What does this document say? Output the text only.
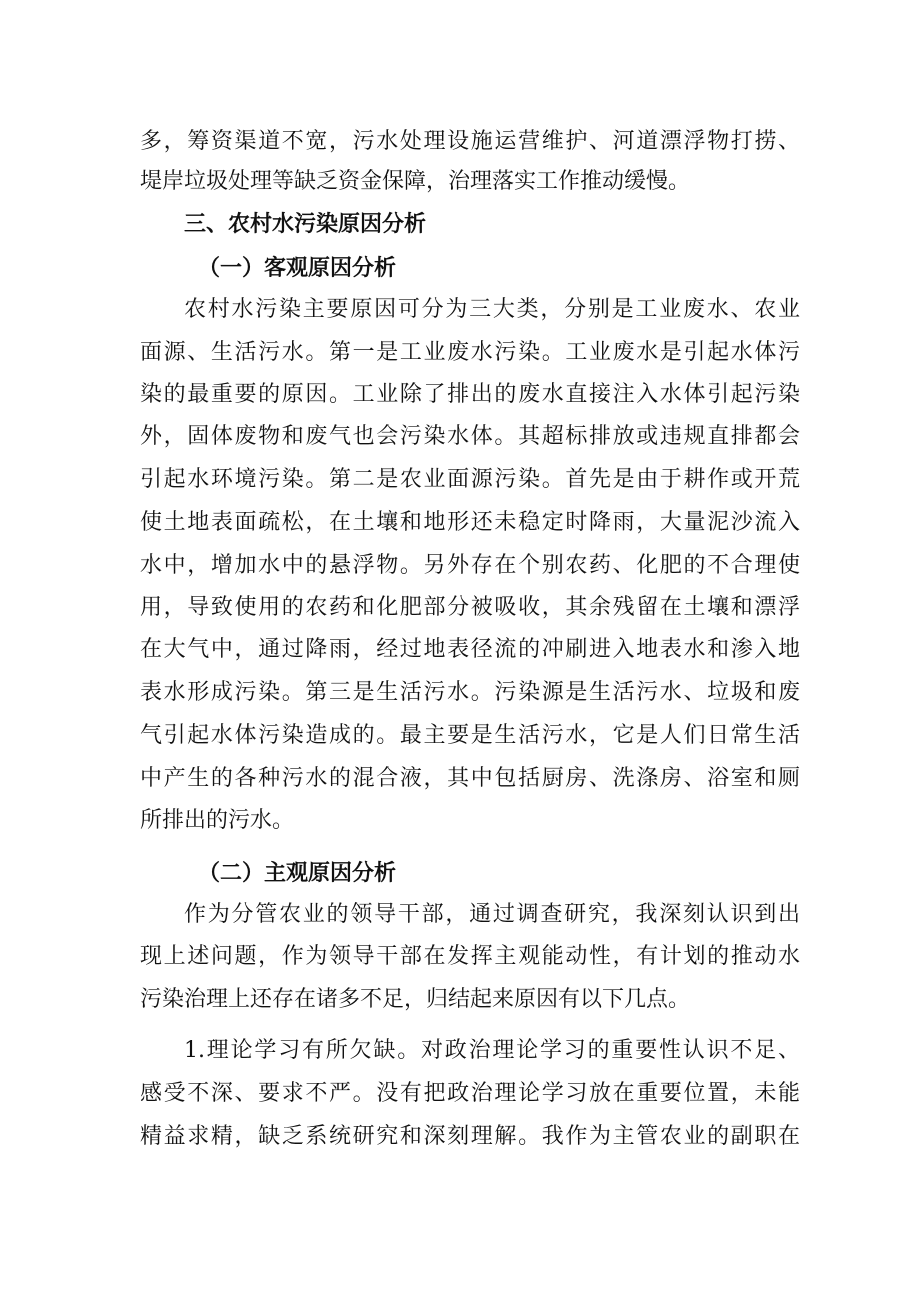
多，筹资渠道不宽，污水处理设施运营维护、河道漂浮物打捞、
堤岸垃圾处理等缺乏资金保障，治理落实工作推动缓慢。
三、农村水污染原因分析
（一）客观原因分析
农村水污染主要原因可分为三大类，分别是工业废水、农业
面源、生活污水。第一是工业废水污染。工业废水是引起水体污
染的最重要的原因。工业除了排出的废水直接注入水体引起污染
外，固体废物和废气也会污染水体。其超标排放或违规直排都会
引起水环境污染。第二是农业面源污染。首先是由于耕作或开荒
使土地表面疏松，在土壤和地形还未稳定时降雨，大量泥沙流入
水中，增加水中的悬浮物。另外存在个别农药、化肥的不合理使
用，导致使用的农药和化肥部分被吸收，其余残留在土壤和漂浮
在大气中，通过降雨，经过地表径流的冲刷进入地表水和渗入地
表水形成污染。第三是生活污水。污染源是生活污水、垃圾和废
气引起水体污染造成的。最主要是生活污水，它是人们日常生活
中产生的各种污水的混合液，其中包括厨房、洗涤房、浴室和厕
所排出的污水。
（二）主观原因分析
作为分管农业的领导干部，通过调查研究，我深刻认识到出
现上述问题，作为领导干部在发挥主观能动性，有计划的推动水
污染治理上还存在诸多不足，归结起来原因有以下几点。
1.理论学习有所欠缺。对政治理论学习的重要性认识不足、
感受不深、要求不严。没有把政治理论学习放在重要位置，未能
精益求精，缺乏系统研究和深刻理解。我作为主管农业的副职在
